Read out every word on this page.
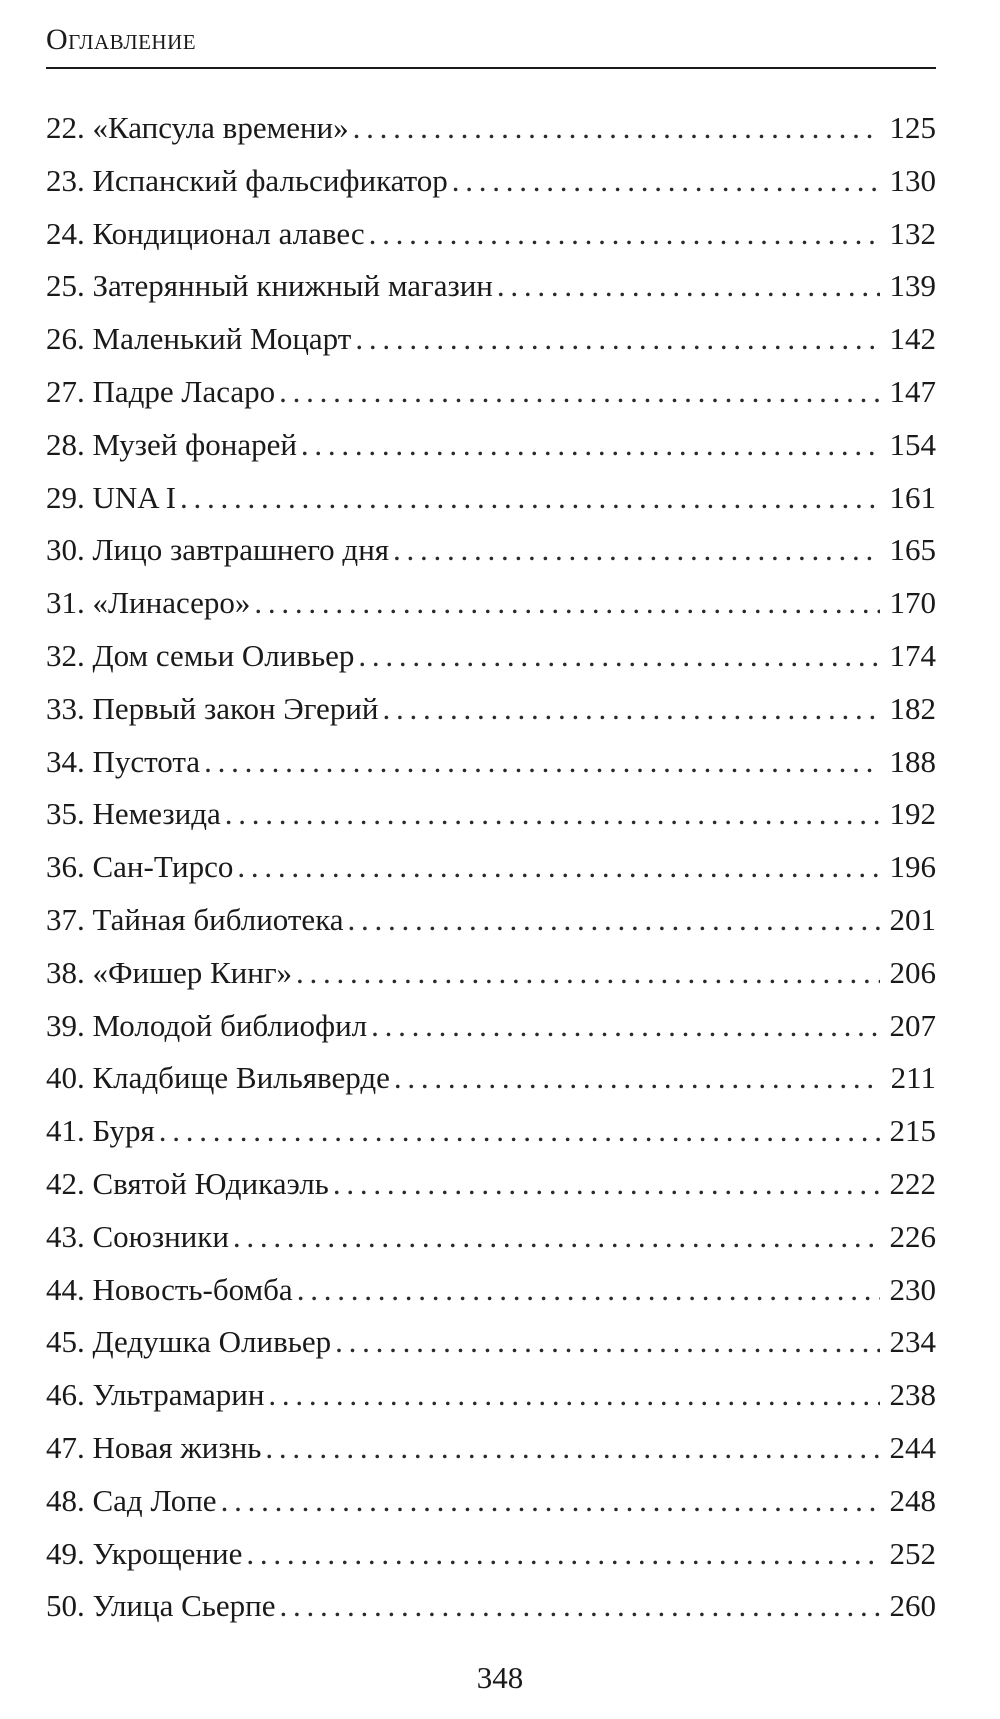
Оглавление
22. «Капсула времени» . . .	125
23. Испанский фальсификатор . . .	130
24. Кондиционал алавес . . .	132
25. Затерянный книжный магазин . . .	139
26. Маленький Моцарт . . .	142
27. Падре Ласаро . . .	147
28. Музей фонарей . . .	154
29. UNA I . . .	161
30. Лицо завтрашнего дня . . .	165
31. «Линасеро» . . .	170
32. Дом семьи Оливьер . . .	174
33. Первый закон Эгерий . . .	182
34. Пустота . . .	188
35. Немезида . . .	192
36. Сан-Тирсо . . .	196
37. Тайная библиотека . . .	201
38. «Фишер Кинг» . . .	206
39. Молодой библиофил . . .	207
40. Кладбище Вильяверде . . .	211
41. Буря . . .	215
42. Святой Юдикаэль . . .	222
43. Союзники . . .	226
44. Новость-бомба . . .	230
45. Дедушка Оливьер . . .	234
46. Ультрамарин . . .	238
47. Новая жизнь . . .	244
48. Сад Лопе . . .	248
49. Укрощение . . .	252
50. Улица Сьерпе . . .	260
348
